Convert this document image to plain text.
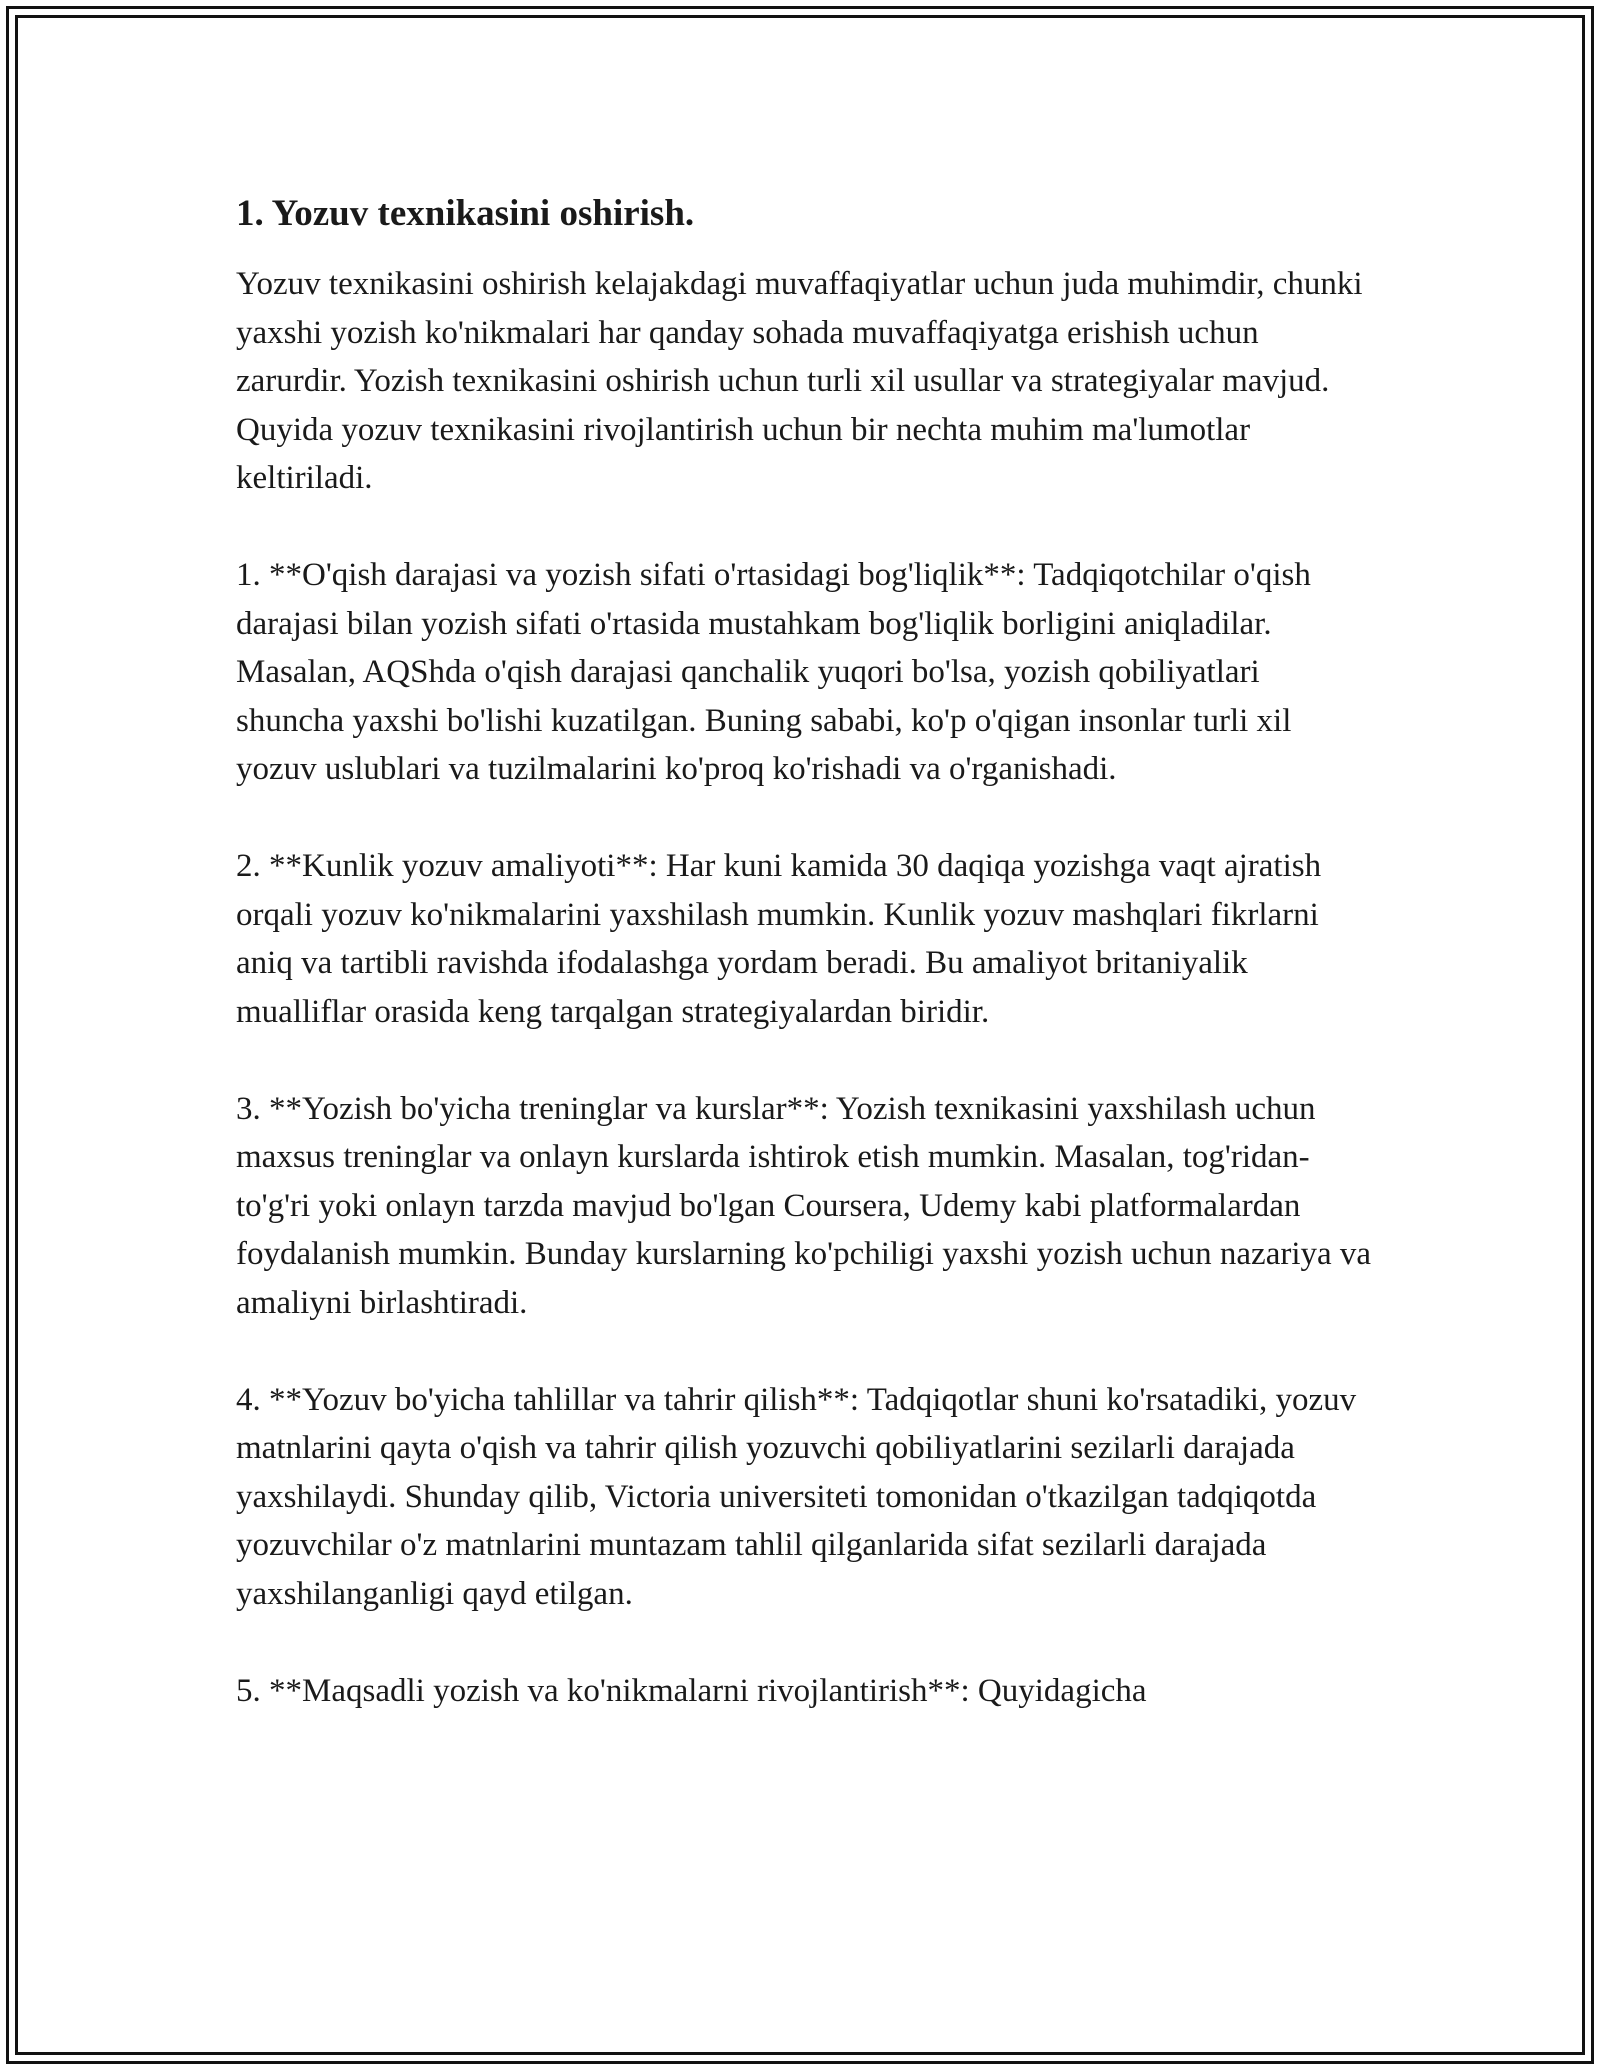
1. Yozuv texnikasini oshirish.

Yozuv texnikasini oshirish kelajakdagi muvaffaqiyatlar uchun juda muhimdir, chunki yaxshi yozish ko'nikmalari har qanday sohada muvaffaqiyatga erishish uchun zarurdir. Yozish texnikasini oshirish uchun turli xil usullar va strategiyalar mavjud. Quyida yozuv texnikasini rivojlantirish uchun bir nechta muhim ma'lumotlar keltiriladi.

1. **O'qish darajasi va yozish sifati o'rtasidagi bog'liqlik**: Tadqiqotchilar o'qish darajasi bilan yozish sifati o'rtasida mustahkam bog'liqlik borligini aniqladilar. Masalan, AQShda o'qish darajasi qanchalik yuqori bo'lsa, yozish qobiliyatlari shuncha yaxshi bo'lishi kuzatilgan. Buning sababi, ko'p o'qigan insonlar turli xil yozuv uslublari va tuzilmalarini ko'proq ko'rishadi va o'rganishadi.

2. **Kunlik yozuv amaliyoti**: Har kuni kamida 30 daqiqa yozishga vaqt ajratish orqali yozuv ko'nikmalarini yaxshilash mumkin. Kunlik yozuv mashqlari fikrlarni aniq va tartibli ravishda ifodalashga yordam beradi. Bu amaliyot britaniyalik mualliflar orasida keng tarqalgan strategiyalardan biridir.

3. **Yozish bo'yicha treninglar va kurslar**: Yozish texnikasini yaxshilash uchun maxsus treninglar va onlayn kurslarda ishtirok etish mumkin. Masalan, tog'ridan-to'g'ri yoki onlayn tarzda mavjud bo'lgan Coursera, Udemy kabi platformalardan foydalanish mumkin. Bunday kurslarning ko'pchiligi yaxshi yozish uchun nazariya va amaliyni birlashtiradi.

4. **Yozuv bo'yicha tahlillar va tahrir qilish**: Tadqiqotlar shuni ko'rsatadiki, yozuv matnlarini qayta o'qish va tahrir qilish yozuvchi qobiliyatlarini sezilarli darajada yaxshilaydi. Shunday qilib, Victoria universiteti tomonidan o'tkazilgan tadqiqotda yozuvchilar o'z matnlarini muntazam tahlil qilganlarida sifat sezilarli darajada yaxshilanganligi qayd etilgan.

5. **Maqsadli yozish va ko'nikmalarni rivojlantirish**: Quyidagicha
